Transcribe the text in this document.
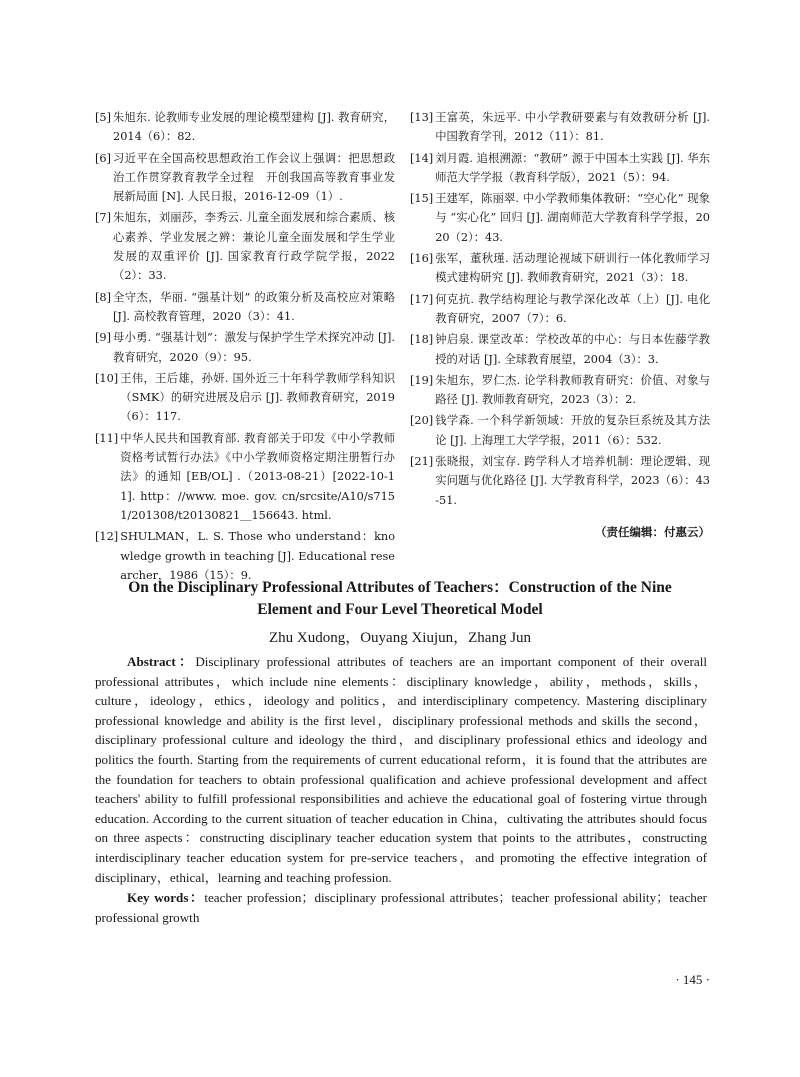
[5] 朱旭东. 论教师专业发展的理论模型建构 [J]. 教育研究，2014（6）：82.
[6] 习近平在全国高校思想政治工作会议上强调：把思想政治工作贯穿教育教学全过程　开创我国高等教育事业发展新局面 [N]. 人民日报，2016-12-09（1）.
[7] 朱旭东，刘丽莎，李秀云. 儿童全面发展和综合素质、核心素养、学业发展之辨：兼论儿童全面发展和学生学业发展的双重评价 [J]. 国家教育行政学院学报，2022（2）：33.
[8] 全守杰，华丽. “强基计划” 的政策分析及高校应对策略 [J]. 高校教育管理，2020（3）：41.
[9] 母小勇. “强基计划”：激发与保护学生学术探究冲动 [J]. 教育研究，2020（9）：95.
[10] 王伟，王后雄，孙妍. 国外近三十年科学教师学科知识（SMK）的研究进展及启示 [J]. 教师教育研究，2019（6）：117.
[11] 中华人民共和国教育部. 教育部关于印发《中小学教师资格考试暂行办法》《中小学教师资格定期注册暂行办法》的通知 [EB/OL] .（2013-08-21）[2022-10-11]. http：//www. moe. gov. cn/srcsite/A10/s7151/201308/t20130821＿156643. html.
[12] SHULMAN，L. S. Those who understand：knowledge growth in teaching [J]. Educational researcher，1986（15）：9.
[13] 王富英，朱远平. 中小学教研要素与有效教研分析 [J]. 中国教育学刊，2012（11）：81.
[14] 刘月霞. 追根溯源：“教研” 源于中国本土实践 [J]. 华东师范大学学报（教育科学版），2021（5）：94.
[15] 王建军，陈丽翠. 中小学教师集体教研：“空心化” 现象与 “实心化” 回归 [J]. 湖南师范大学教育科学学报，2020（2）：43.
[16] 张军，董秋瑾. 活动理论视域下研训行一体化教师学习模式建构研究 [J]. 教师教育研究，2021（3）：18.
[17] 何克抗. 教学结构理论与教学深化改革（上）[J]. 电化教育研究，2007（7）：6.
[18] 钟启泉. 课堂改革：学校改革的中心：与日本佐藤学教授的对话 [J]. 全球教育展望，2004（3）：3.
[19] 朱旭东，罗仁杰. 论学科教师教育研究：价值、对象与路径 [J]. 教师教育研究，2023（3）：2.
[20] 钱学森. 一个科学新领域：开放的复杂巨系统及其方法论 [J]. 上海理工大学学报，2011（6）：532.
[21] 张晓报，刘宝存. 跨学科人才培养机制：理论逻辑、现实问题与优化路径 [J]. 大学教育科学，2023（6）：43-51.
（责任编辑：付惠云）
On the Disciplinary Professional Attributes of Teachers：Construction of the Nine Element and Four Level Theoretical Model
Zhu Xudong，Ouyang Xiujun，Zhang Jun

Abstract：Disciplinary professional attributes of teachers are an important component of their overall professional attributes，which include nine elements：disciplinary knowledge，ability，methods，skills，culture，ideology，ethics，ideology and politics，and interdisciplinary competency. Mastering disciplinary professional knowledge and ability is the first level，disciplinary professional methods and skills the second，disciplinary professional culture and ideology the third，and disciplinary professional ethics and ideology and politics the fourth. Starting from the requirements of current educational reform，it is found that the attributes are the foundation for teachers to obtain professional qualification and achieve professional development and affect teachers' ability to fulfill professional responsibilities and achieve the educational goal of fostering virtue through education. According to the current situation of teacher education in China，cultivating the attributes should focus on three aspects：constructing disciplinary teacher education system that points to the attributes，constructing interdisciplinary teacher education system for pre-service teachers，and promoting the effective integration of disciplinary，ethical，learning and teaching profession.

Key words：teacher profession；disciplinary professional attributes；teacher professional ability；teacher professional growth

· 145 ·
